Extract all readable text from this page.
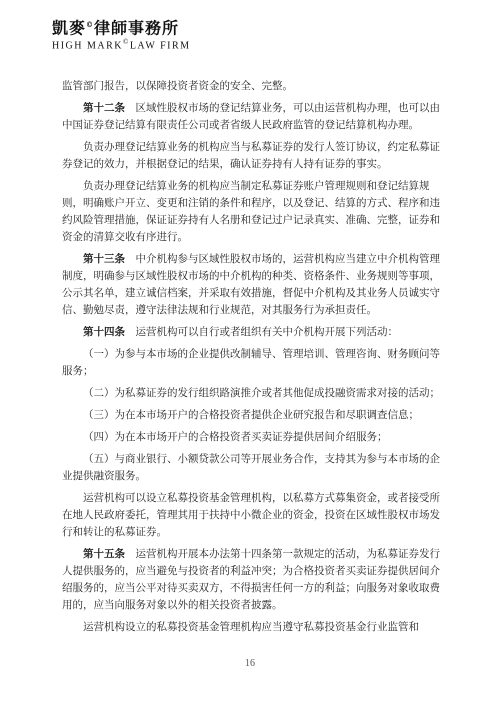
凱麥©律師事務所
HIGH MARK©LAW FIRM

监管部门报告，以保障投资者资金的安全、完整。

第十二条　 区域性股权市场的登记结算业务，可以由运营机构办理，也可以由中国证券登记结算有限责任公司或者省级人民政府监管的登记结算机构办理。

负责办理登记结算业务的机构应当与私募证券的发行人签订协议，约定私募证券登记的效力，并根据登记的结果，确认证券持有人持有证券的事实。

负责办理登记结算业务的机构应当制定私募证券账户管理规则和登记结算规则，明确账户开立、变更和注销的条件和程序，以及登记、结算的方式、程序和违约风险管理措施，保证证券持有人名册和登记过户记录真实、准确、完整，证券和资金的清算交收有序进行。

第十三条　 中介机构参与区域性股权市场的，运营机构应当建立中介机构管理制度，明确参与区域性股权市场的中介机构的种类、资格条件、业务规则等事项，公示其名单，建立诚信档案，并采取有效措施，督促中介机构及其业务人员诚实守信、勤勉尽责，遵守法律法规和行业规范，对其服务行为承担责任。

第十四条　 运营机构可以自行或者组织有关中介机构开展下列活动：

（一）为参与本市场的企业提供改制辅导、管理培训、管理咨询、财务顾问等服务；

（二）为私募证券的发行组织路演推介或者其他促成投融资需求对接的活动；

（三）为在本市场开户的合格投资者提供企业研究报告和尽职调查信息；

（四）为在本市场开户的合格投资者买卖证券提供居间介绍服务；

（五）与商业银行、小额贷款公司等开展业务合作，支持其为参与本市场的企业提供融资服务。

运营机构可以设立私募投资基金管理机构，以私募方式募集资金，或者接受所在地人民政府委托，管理其用于扶持中小微企业的资金，投资在区域性股权市场发行和转让的私募证券。

第十五条　 运营机构开展本办法第十四条第一款规定的活动，为私募证券发行人提供服务的，应当避免与投资者的利益冲突；为合格投资者买卖证券提供居间介绍服务的，应当公平对待买卖双方，不得损害任何一方的利益；向服务对象收取费用的，应当向服务对象以外的相关投资者披露。

运营机构设立的私募投资基金管理机构应当遵守私募投资基金行业监管和

16
